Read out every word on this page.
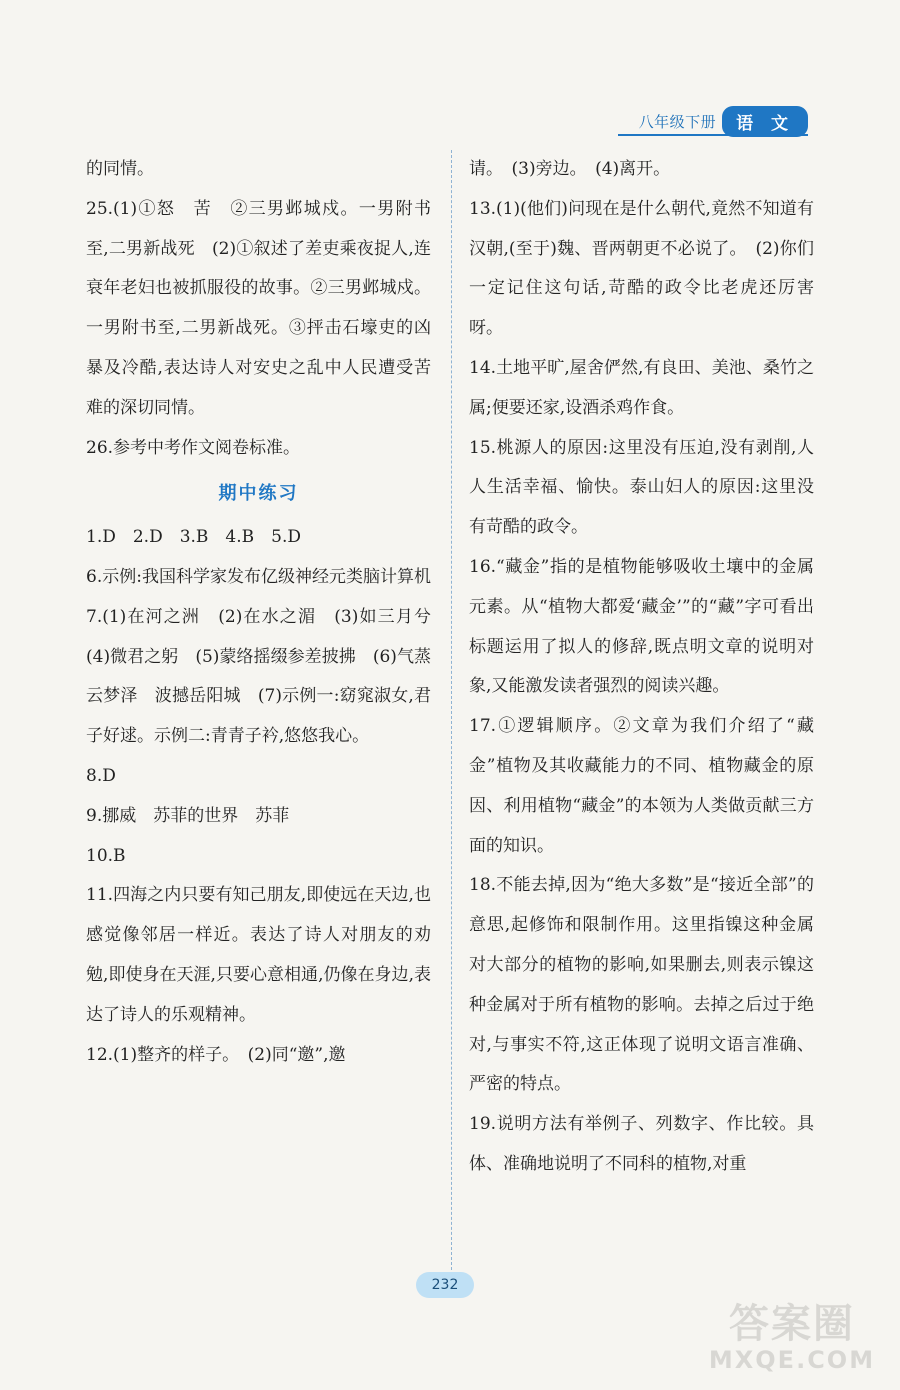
八年级下册	语 文

的同情。

25.(1)①怒　苦　②三男邺城戍。一男附书至,二男新战死　(2)①叙述了差吏乘夜捉人,连衰年老妇也被抓服役的故事。②三男邺城戍。一男附书至,二男新战死。③抨击石壕吏的凶暴及冷酷,表达诗人对安史之乱中人民遭受苦难的深切同情。

26.参考中考作文阅卷标准。

期中练习

1.D　2.D　3.B　4.B　5.D

6.示例:我国科学家发布亿级神经元类脑计算机

7.(1)在河之洲　(2)在水之湄　(3)如三月兮　(4)微君之躬　(5)蒙络摇缀参差披拂　(6)气蒸云梦泽　波撼岳阳城　(7)示例一:窈窕淑女,君子好逑。示例二:青青子衿,悠悠我心。

8.D

9.挪威　苏菲的世界　苏菲

10.B

11.四海之内只要有知己朋友,即使远在天边,也感觉像邻居一样近。表达了诗人对朋友的劝勉,即使身在天涯,只要心意相通,仍像在身边,表达了诗人的乐观精神。

12.(1)整齐的样子。　(2)同“邀”,邀

请。　(3)旁边。　(4)离开。

13.(1)(他们)问现在是什么朝代,竟然不知道有汉朝,(至于)魏、晋两朝更不必说了。　(2)你们一定记住这句话,苛酷的政令比老虎还厉害呀。

14.土地平旷,屋舍俨然,有良田、美池、桑竹之属;便要还家,设酒杀鸡作食。

15.桃源人的原因:这里没有压迫,没有剥削,人人生活幸福、愉快。泰山妇人的原因:这里没有苛酷的政令。

16.“藏金”指的是植物能够吸收土壤中的金属元素。从“植物大都爱‘藏金’”的“藏”字可看出标题运用了拟人的修辞,既点明文章的说明对象,又能激发读者强烈的阅读兴趣。

17.①逻辑顺序。②文章为我们介绍了“藏金”植物及其收藏能力的不同、植物藏金的原因、利用植物“藏金”的本领为人类做贡献三方面的知识。

18.不能去掉,因为“绝大多数”是“接近全部”的意思,起修饰和限制作用。这里指镍这种金属对大部分的植物的影响,如果删去,则表示镍这种金属对于所有植物的影响。去掉之后过于绝对,与事实不符,这正体现了说明文语言准确、严密的特点。

19.说明方法有举例子、列数字、作比较。具体、准确地说明了不同科的植物,对重

232
答案圈
MXQE.COM
